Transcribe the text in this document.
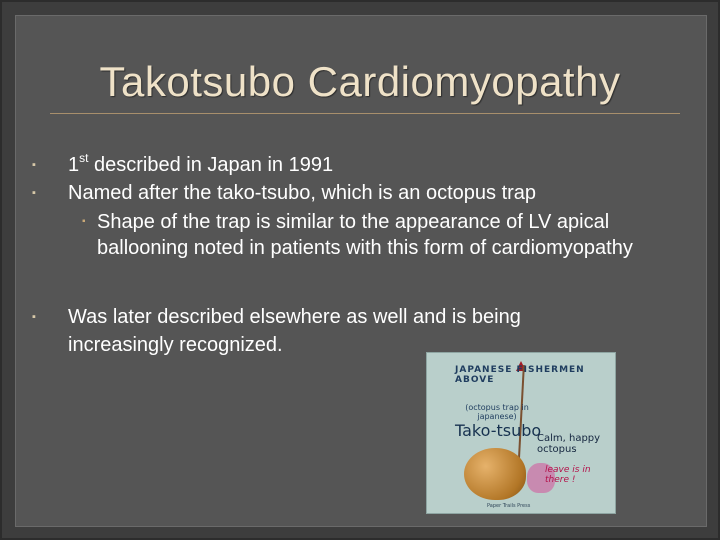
Takotsubo Cardiomyopathy
▪ 1st described in Japan in 1991
▪ Named after the tako-tsubo, which is an octopus trap
▪ Shape of the trap is similar to the appearance of LV apical ballooning noted in patients with this form of cardiomyopathy
▪ Was later described elsewhere as well and is being
increasingly recognized.
JAPANESE FISHERMEN ABOVE
(octopus trap in japanese)
Tako-tsubo
Calm, happy octopus
leave is in there !
Paper Trails Press
